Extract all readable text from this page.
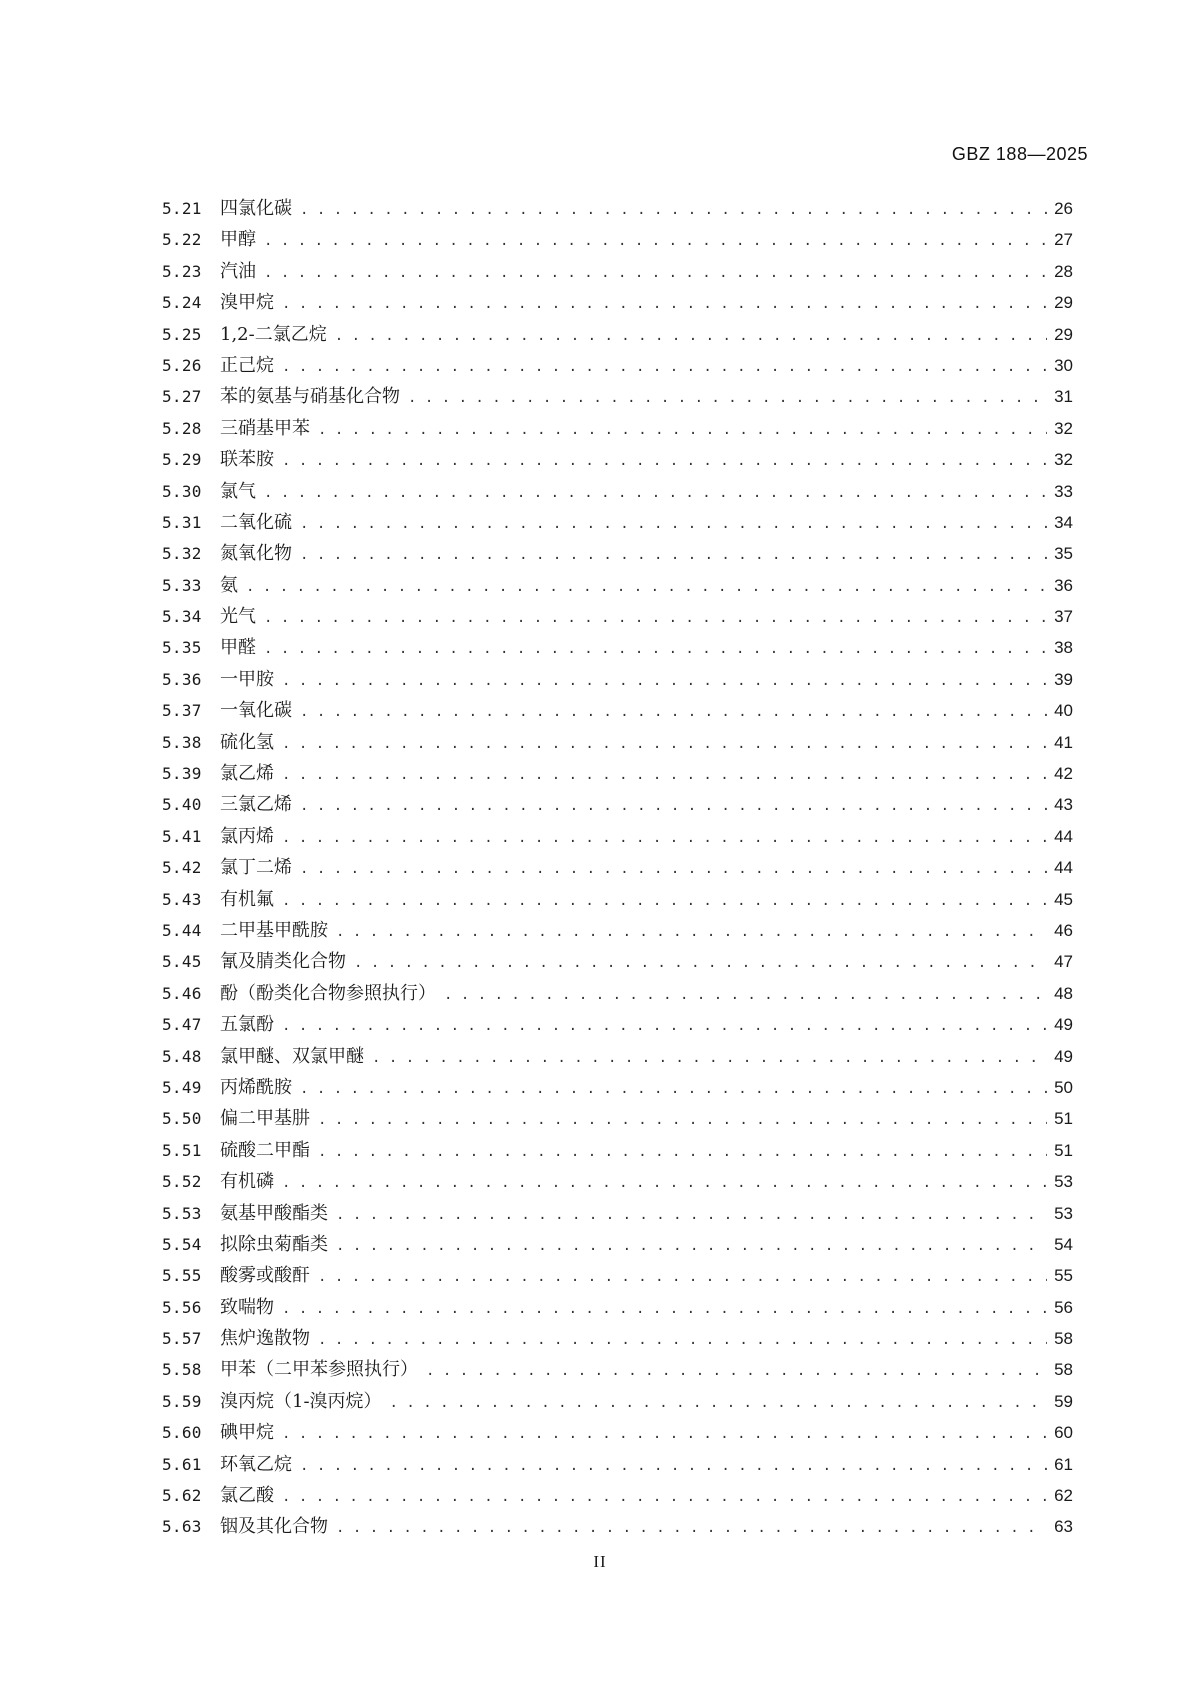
GBZ 188—2025
5.21	四氯化碳 . . .	26
5.22	甲醇 . . .	27
5.23	汽油 . . .	28
5.24	溴甲烷 . . .	29
5.25	1,2-二氯乙烷 . . .	29
5.26	正己烷 . . .	30
5.27	苯的氨基与硝基化合物 . . .	31
5.28	三硝基甲苯 . . .	32
5.29	联苯胺 . . .	32
5.30	氯气 . . .	33
5.31	二氧化硫 . . .	34
5.32	氮氧化物 . . .	35
5.33	氨 . . .	36
5.34	光气 . . .	37
5.35	甲醛 . . .	38
5.36	一甲胺 . . .	39
5.37	一氧化碳 . . .	40
5.38	硫化氢 . . .	41
5.39	氯乙烯 . . .	42
5.40	三氯乙烯 . . .	43
5.41	氯丙烯 . . .	44
5.42	氯丁二烯 . . .	44
5.43	有机氟 . . .	45
5.44	二甲基甲酰胺 . . .	46
5.45	氰及腈类化合物 . . .	47
5.46	酚（酚类化合物参照执行） . . .	48
5.47	五氯酚 . . .	49
5.48	氯甲醚、双氯甲醚 . . .	49
5.49	丙烯酰胺 . . .	50
5.50	偏二甲基肼 . . .	51
5.51	硫酸二甲酯 . . .	51
5.52	有机磷 . . .	53
5.53	氨基甲酸酯类 . . .	53
5.54	拟除虫菊酯类 . . .	54
5.55	酸雾或酸酐 . . .	55
5.56	致喘物 . . .	56
5.57	焦炉逸散物 . . .	58
5.58	甲苯（二甲苯参照执行） . . .	58
5.59	溴丙烷（1-溴丙烷） . . .	59
5.60	碘甲烷 . . .	60
5.61	环氧乙烷 . . .	61
5.62	氯乙酸 . . .	62
5.63	铟及其化合物 . . .	63
II
